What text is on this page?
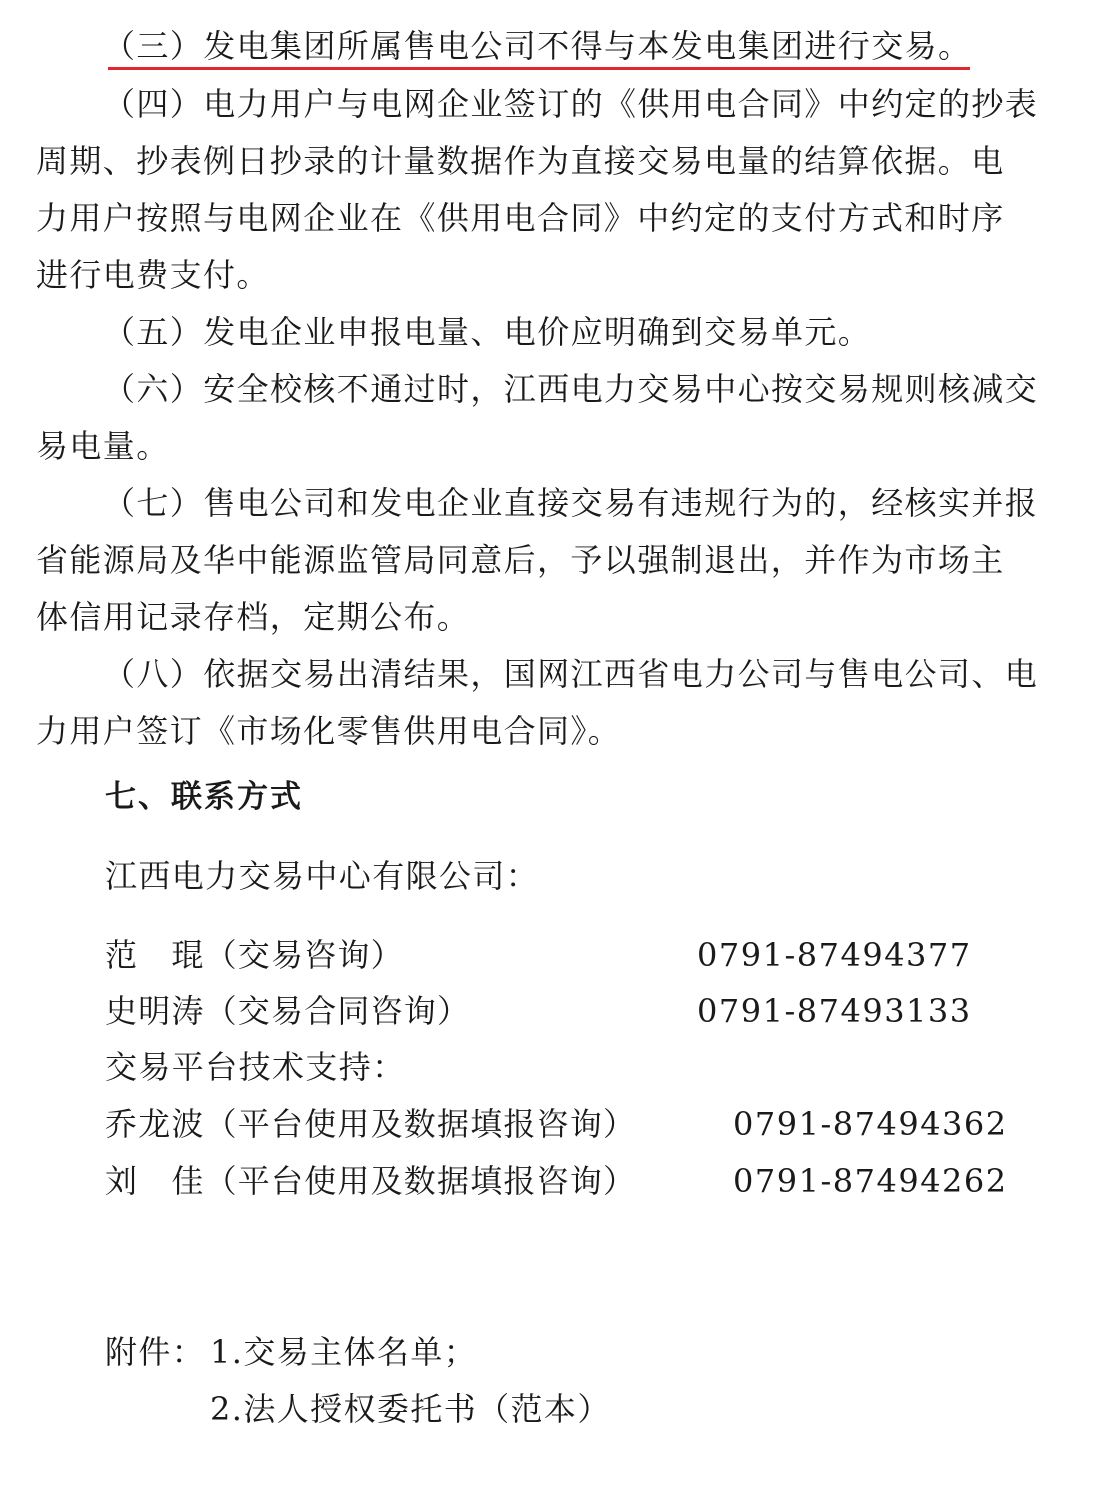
（三）发电集团所属售电公司不得与本发电集团进行交易。
（四）电力用户与电网企业签订的《供用电合同》中约定的抄表
周期、抄表例日抄录的计量数据作为直接交易电量的结算依据。电
力用户按照与电网企业在《供用电合同》中约定的支付方式和时序
进行电费支付。
（五）发电企业申报电量、电价应明确到交易单元。
（六）安全校核不通过时，江西电力交易中心按交易规则核减交
易电量。
（七）售电公司和发电企业直接交易有违规行为的，经核实并报
省能源局及华中能源监管局同意后，予以强制退出，并作为市场主
体信用记录存档，定期公布。
（八）依据交易出清结果，国网江西省电力公司与售电公司、电
力用户签订《市场化零售供用电合同》。
七、联系方式
江西电力交易中心有限公司：
范　琨（交易咨询）	0791-87494377
史明涛（交易合同咨询）	0791-87493133
交易平台技术支持：
乔龙波（平台使用及数据填报咨询）	0791-87494362
刘　佳（平台使用及数据填报咨询）	0791-87494262
附件： 1.交易主体名单；
2.法人授权委托书（范本）
